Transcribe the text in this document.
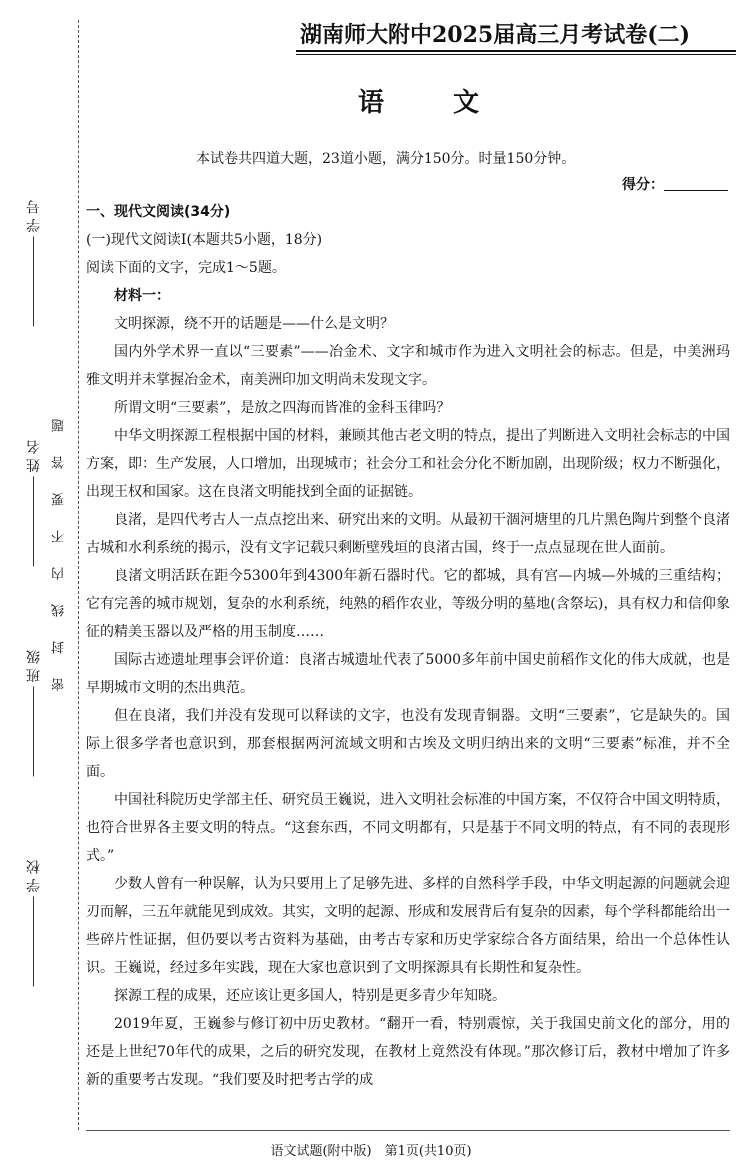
学 号
姓 名
班 级
学 校
密封线内不要答题
湖南师大附中2025届高三月考试卷(二)
语 文
本试卷共四道大题，23道小题，满分150分。时量150分钟。
得分：

一、现代文阅读(34分)

(一)现代文阅读Ⅰ(本题共5小题，18分)

阅读下面的文字，完成1～5题。

材料一：

文明探源，绕不开的话题是——什么是文明？

国内外学术界一直以“三要素”——冶金术、文字和城市作为进入文明社会的标志。但是，中美洲玛雅文明并未掌握冶金术，南美洲印加文明尚未发现文字。

所谓文明“三要素”，是放之四海而皆准的金科玉律吗？

中华文明探源工程根据中国的材料，兼顾其他古老文明的特点，提出了判断进入文明社会标志的中国方案，即：生产发展，人口增加，出现城市；社会分工和社会分化不断加剧，出现阶级；权力不断强化，出现王权和国家。这在良渚文明能找到全面的证据链。

良渚，是四代考古人一点点挖出来、研究出来的文明。从最初干涸河塘里的几片黑色陶片到整个良渚古城和水利系统的揭示，没有文字记载只剩断壁残垣的良渚古国，终于一点点显现在世人面前。

良渚文明活跃在距今5300年到4300年新石器时代。它的都城，具有宫—内城—外城的三重结构；它有完善的城市规划，复杂的水利系统，纯熟的稻作农业，等级分明的墓地(含祭坛)，具有权力和信仰象征的精美玉器以及严格的用玉制度……

国际古迹遗址理事会评价道：良渚古城遗址代表了5000多年前中国史前稻作文化的伟大成就，也是早期城市文明的杰出典范。

但在良渚，我们并没有发现可以释读的文字，也没有发现青铜器。文明“三要素”，它是缺失的。国际上很多学者也意识到，那套根据两河流域文明和古埃及文明归纳出来的文明“三要素”标准，并不全面。

中国社科院历史学部主任、研究员王巍说，进入文明社会标准的中国方案，不仅符合中国文明特质，也符合世界各主要文明的特点。“这套东西，不同文明都有，只是基于不同文明的特点，有不同的表现形式。”

少数人曾有一种误解，认为只要用上了足够先进、多样的自然科学手段，中华文明起源的问题就会迎刃而解，三五年就能见到成效。其实，文明的起源、形成和发展背后有复杂的因素，每个学科都能给出一些碎片性证据，但仍要以考古资料为基础，由考古专家和历史学家综合各方面结果，给出一个总体性认识。王巍说，经过多年实践，现在大家也意识到了文明探源具有长期性和复杂性。

探源工程的成果，还应该让更多国人，特别是更多青少年知晓。

2019年夏，王巍参与修订初中历史教材。“翻开一看，特别震惊，关于我国史前文化的部分，用的还是上世纪70年代的成果，之后的研究发现，在教材上竟然没有体现。”那次修订后，教材中增加了许多新的重要考古发现。“我们要及时把考古学的成

语文试题(附中版)　第1页(共10页)
